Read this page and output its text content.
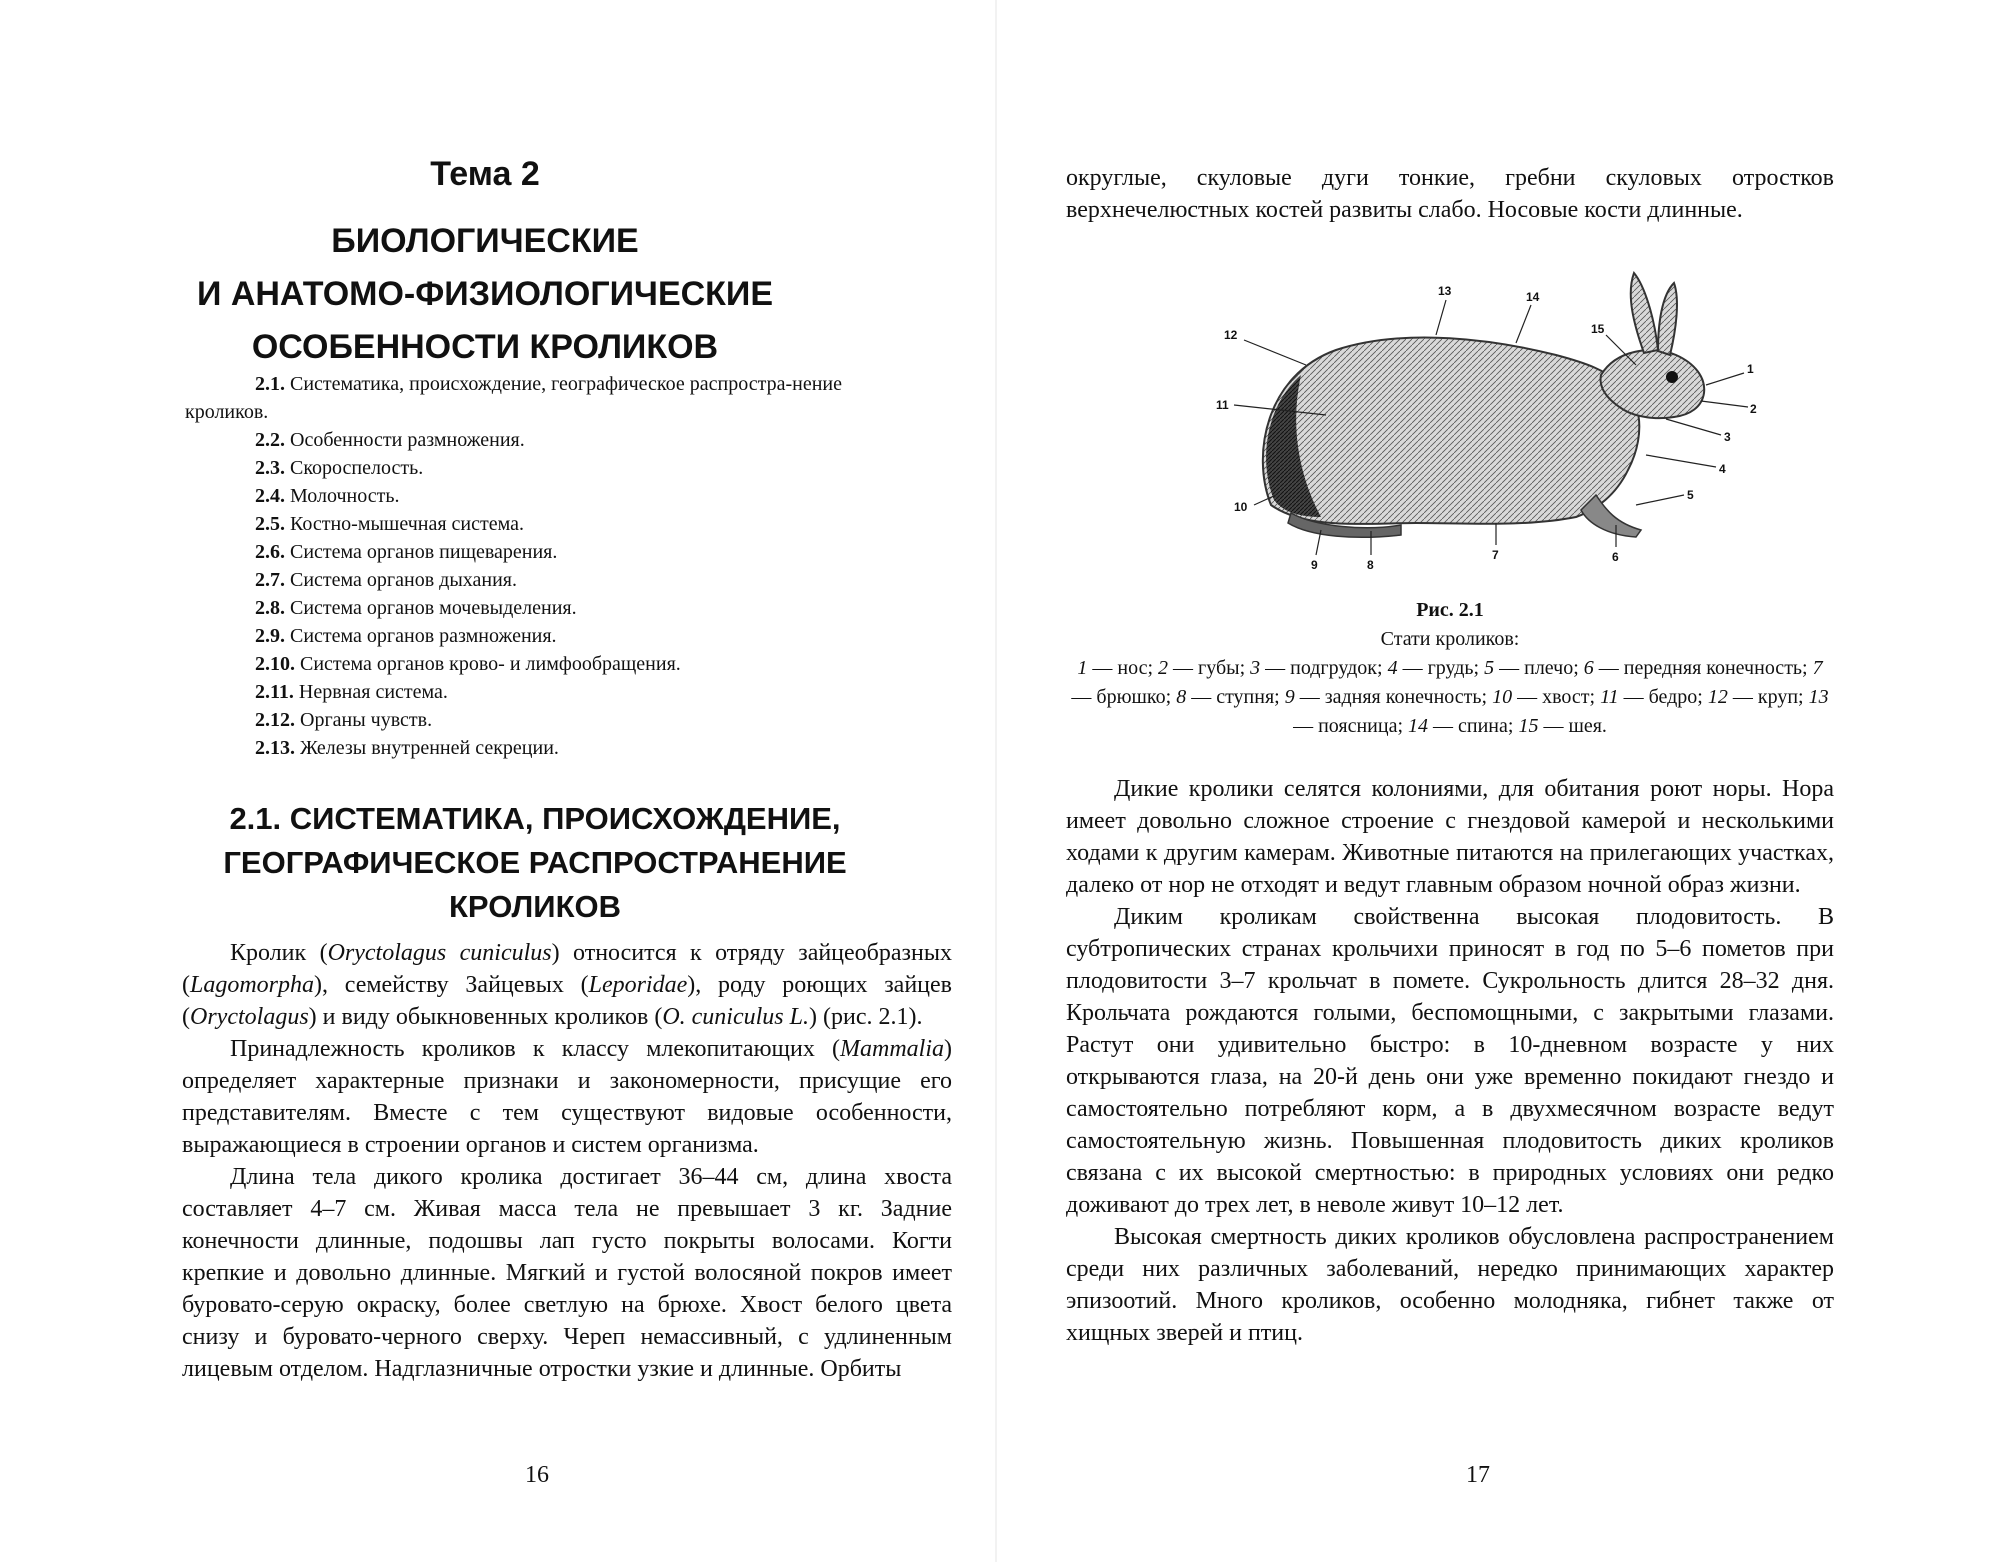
Тема 2
БИОЛОГИЧЕСКИЕ
И АНАТОМО-ФИЗИОЛОГИЧЕСКИЕ
ОСОБЕННОСТИ КРОЛИКОВ
2.1. Систематика, происхождение, географическое распростра-нение кроликов.
2.2. Особенности размножения.
2.3. Скороспелость.
2.4. Молочность.
2.5. Костно-мышечная система.
2.6. Система органов пищеварения.
2.7. Система органов дыхания.
2.8. Система органов мочевыделения.
2.9. Система органов размножения.
2.10. Система органов крово- и лимфообращения.
2.11. Нервная система.
2.12. Органы чувств.
2.13. Железы внутренней секреции.
2.1. СИСТЕМАТИКА, ПРОИСХОЖДЕНИЕ,
ГЕОГРАФИЧЕСКОЕ РАСПРОСТРАНЕНИЕ
КРОЛИКОВ

Кролик (Oryctolagus cuniculus) относится к отряду зайцеобразных (Lagomorpha), семейству Зайцевых (Leporidae), роду роющих зайцев (Oryctolagus) и виду обыкновенных кроликов (O. cuniculus L.) (рис. 2.1).

Принадлежность кроликов к классу млекопитающих (Mammalia) определяет характерные признаки и закономерности, присущие его представителям. Вместе с тем существуют видовые особенности, выражающиеся в строении органов и систем организма.

Длина тела дикого кролика достигает 36–44 см, длина хвоста составляет 4–7 см. Живая масса тела не превышает 3 кг. Задние конечности длинные, подошвы лап густо покрыты волосами. Когти крепкие и довольно длинные. Мягкий и густой волосяной покров имеет буровато-серую окраску, более светлую на брюхе. Хвост белого цвета снизу и буровато-черного сверху. Череп немассивный, с удлиненным лицевым отделом. Надглазничные отростки узкие и длинные. Орбиты

16

округлые, скуловые дуги тонкие, гребни скуловых отростков верхнечелюстных костей развиты слабо. Носовые кости длинные.

1
2
3
4
5
6
7
8
9
10
11
12
13	14
15
Рис. 2.1
Стати кроликов:
1 — нос; 2 — губы; 3 — подгрудок; 4 — грудь; 5 — плечо; 6 — передняя конечность; 7 — брюшко; 8 — ступня; 9 — задняя конечность; 10 — хвост; 11 — бедро; 12 — круп; 13 — поясница; 14 — спина; 15 — шея.

Дикие кролики селятся колониями, для обитания роют норы. Нора имеет довольно сложное строение с гнездовой камерой и несколькими ходами к другим камерам. Животные питаются на прилегающих участках, далеко от нор не отходят и ведут главным образом ночной образ жизни.

Диким кроликам свойственна высокая плодовитость. В субтропических странах крольчихи приносят в год по 5–6 пометов при плодовитости 3–7 крольчат в помете. Сукрольность длится 28–32 дня. Крольчата рождаются голыми, беспомощными, с закрытыми глазами. Растут они удивительно быстро: в 10-дневном возрасте у них открываются глаза, на 20-й день они уже временно покидают гнездо и самостоятельно потребляют корм, а в двухмесячном возрасте ведут самостоятельную жизнь. Повышенная плодовитость диких кроликов связана с их высокой смертностью: в природных условиях они редко доживают до трех лет, в неволе живут 10–12 лет.

Высокая смертность диких кроликов обусловлена распространением среди них различных заболеваний, нередко принимающих характер эпизоотий. Много кроликов, особенно молодняка, гибнет также от хищных зверей и птиц.

17
